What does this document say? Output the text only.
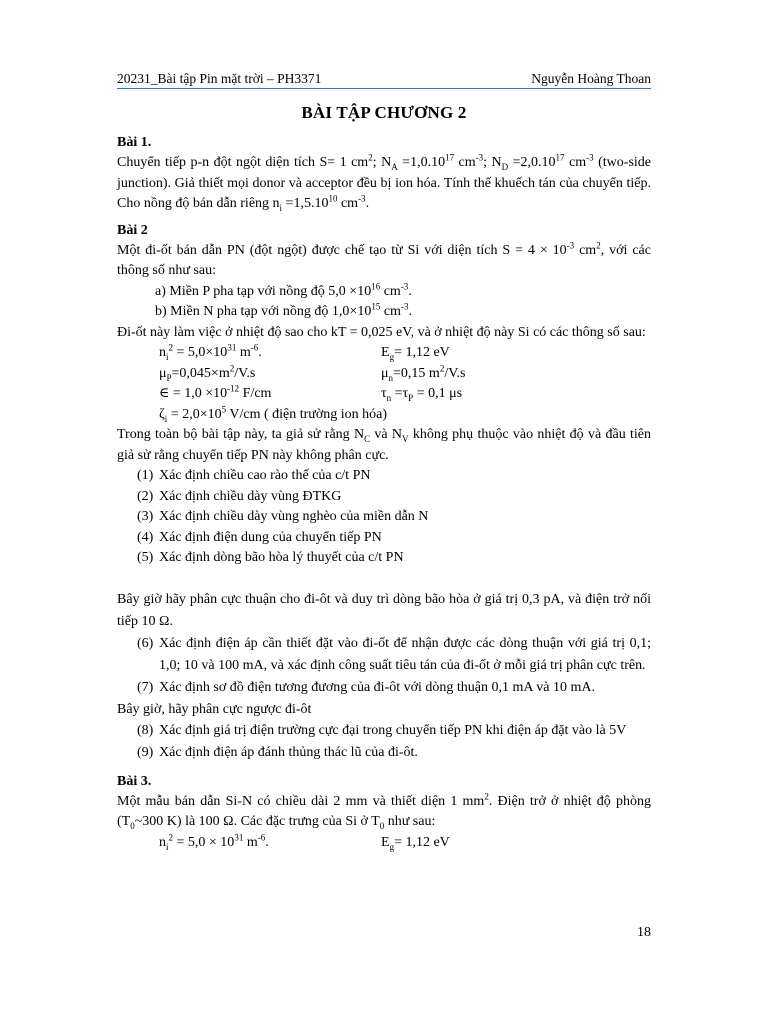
20231_Bài tập Pin mặt trời – PH3371	Nguyễn Hoàng Thoan
BÀI TẬP CHƯƠNG 2
Bài 1.
Chuyển tiếp p-n đột ngột diện tích S= 1 $cm^2$; $N_A =1,0.10^{17}$ $cm^{-3}$; $N_D =2,0.10^{17}$ $cm^{-3}$ (two-side junction). Giả thiết mọi donor và acceptor đều bị ion hóa. Tính thế khuếch tán của chuyển tiếp. Cho nồng độ bán dẫn riêng $n_i =1,5.10^{10}$ $cm^{-3}$.
Bài 2
Một đi-ốt bán dẫn PN (đột ngột) được chế tạo từ Si với diện tích $S = 4 \times 10^{-3}$ $cm^2$, với các thông số như sau:
a) Miền P pha tạp với nồng độ $5,0 \times 10^{16}$ $cm^{-3}$.
b) Miền N pha tạp với nồng độ $1,0\times 10^{15}$ $cm^{-3}$.
Đi-ốt này làm việc ở nhiệt độ sao cho kT = 0,025 eV, và ở nhiệt độ này Si có các thông số sau:
$n_i^2 = 5,0\times 10^{31}$ $m^{-6}$.	$E_g= 1,12$ eV
$\mu_P=0,045\times m^2/V.s$	$\mu_n=0,15$ $m^2/V.s$
∈ = $1,0 \times 10^{-12}$ F/cm	$\tau_n =\tau_P = 0,1$ μs
$\zeta_i = 2,0\times 10^5$ V/cm ( điện trường ion hóa)
Trong toàn bộ bài tập này, ta giả sử rằng $N_C$ và $N_V$ không phụ thuộc vào nhiệt độ và đầu tiên giả sử rằng chuyển tiếp PN này không phân cực.
(1) Xác định chiều cao rào thế của c/t PN
(2) Xác định chiều dày vùng ĐTKG
(3) Xác định chiều dày vùng nghèo của miền dẫn N
(4) Xác định điện dung của chuyển tiếp PN
(5) Xác định dòng bão hòa lý thuyết của c/t PN
Bây giờ hãy phân cực thuận cho đi-ôt và duy trì dòng bão hòa ở giá trị 0,3 pA, và điện trở nối tiếp 10 Ω.
(6) Xác định điện áp cần thiết đặt vào đi-ốt để nhận được các dòng thuận với giá trị 0,1; 1,0; 10 và 100 mA, và xác định công suất tiêu tán của đi-ốt ở mỗi giá trị phân cực trên.
(7) Xác định sơ đồ điện tương đương của đi-ôt với dòng thuận 0,1 mA và 10 mA.
Bây giờ, hãy phân cực ngược đi-ôt
(8) Xác định giá trị điện trường cực đại trong chuyển tiếp PN khi điện áp đặt vào là 5V
(9) Xác định điện áp đánh thủng thác lũ của đi-ôt.
Bài 3.
Một mẫu bán dẫn Si-N có chiều dài 2 mm và thiết diện 1 $mm^2$. Điện trở ở nhiệt độ phòng ($T_0\sim 300$ K) là 100 Ω. Các đặc trưng của Si ở $T_0$ như sau:
$n_i^2 = 5,0 \times 10^{31}$ $m^{-6}$.	$E_g= 1,12$ eV
18
